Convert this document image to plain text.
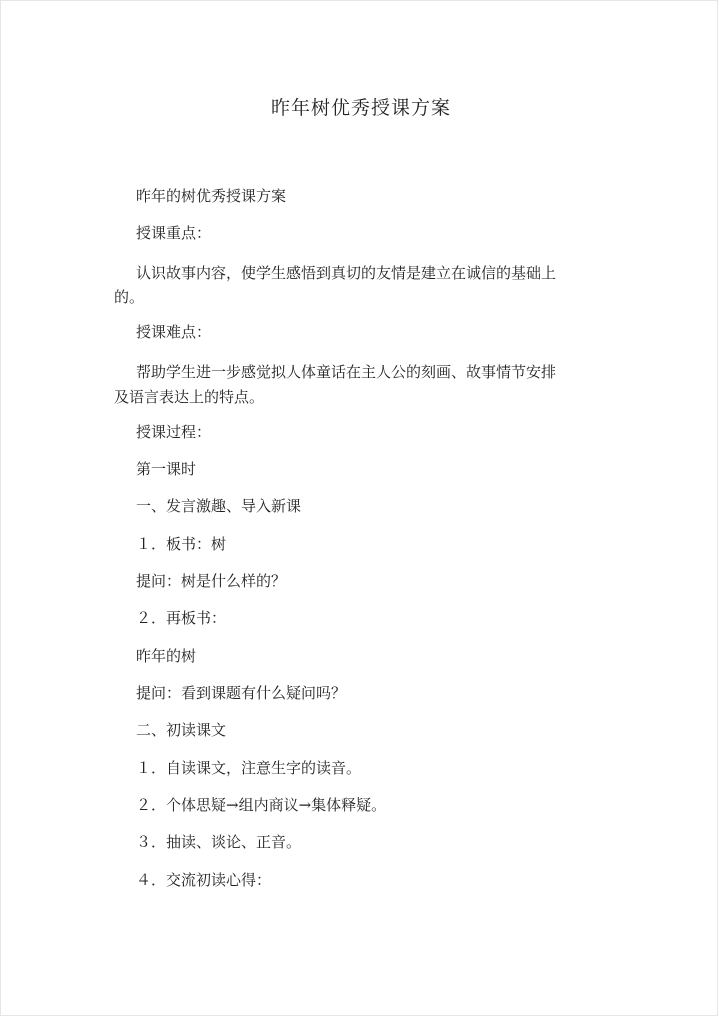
昨年树优秀授课方案
昨年的树优秀授课方案
授课重点：
认识故事内容，使学生感悟到真切的友情是建立在诚信的基础上
的。
授课难点：
帮助学生进一步感觉拟人体童话在主人公的刻画、故事情节安排
及语言表达上的特点。
授课过程：
第一课时
一、发言激趣、导入新课
１．板书：树
提问：树是什么样的？
２．再板书：
昨年的树
提问：看到课题有什么疑问吗？
二、初读课文
１．自读课文，注意生字的读音。
２．个体思疑→组内商议→集体释疑。
３．抽读、谈论、正音。
４．交流初读心得：
